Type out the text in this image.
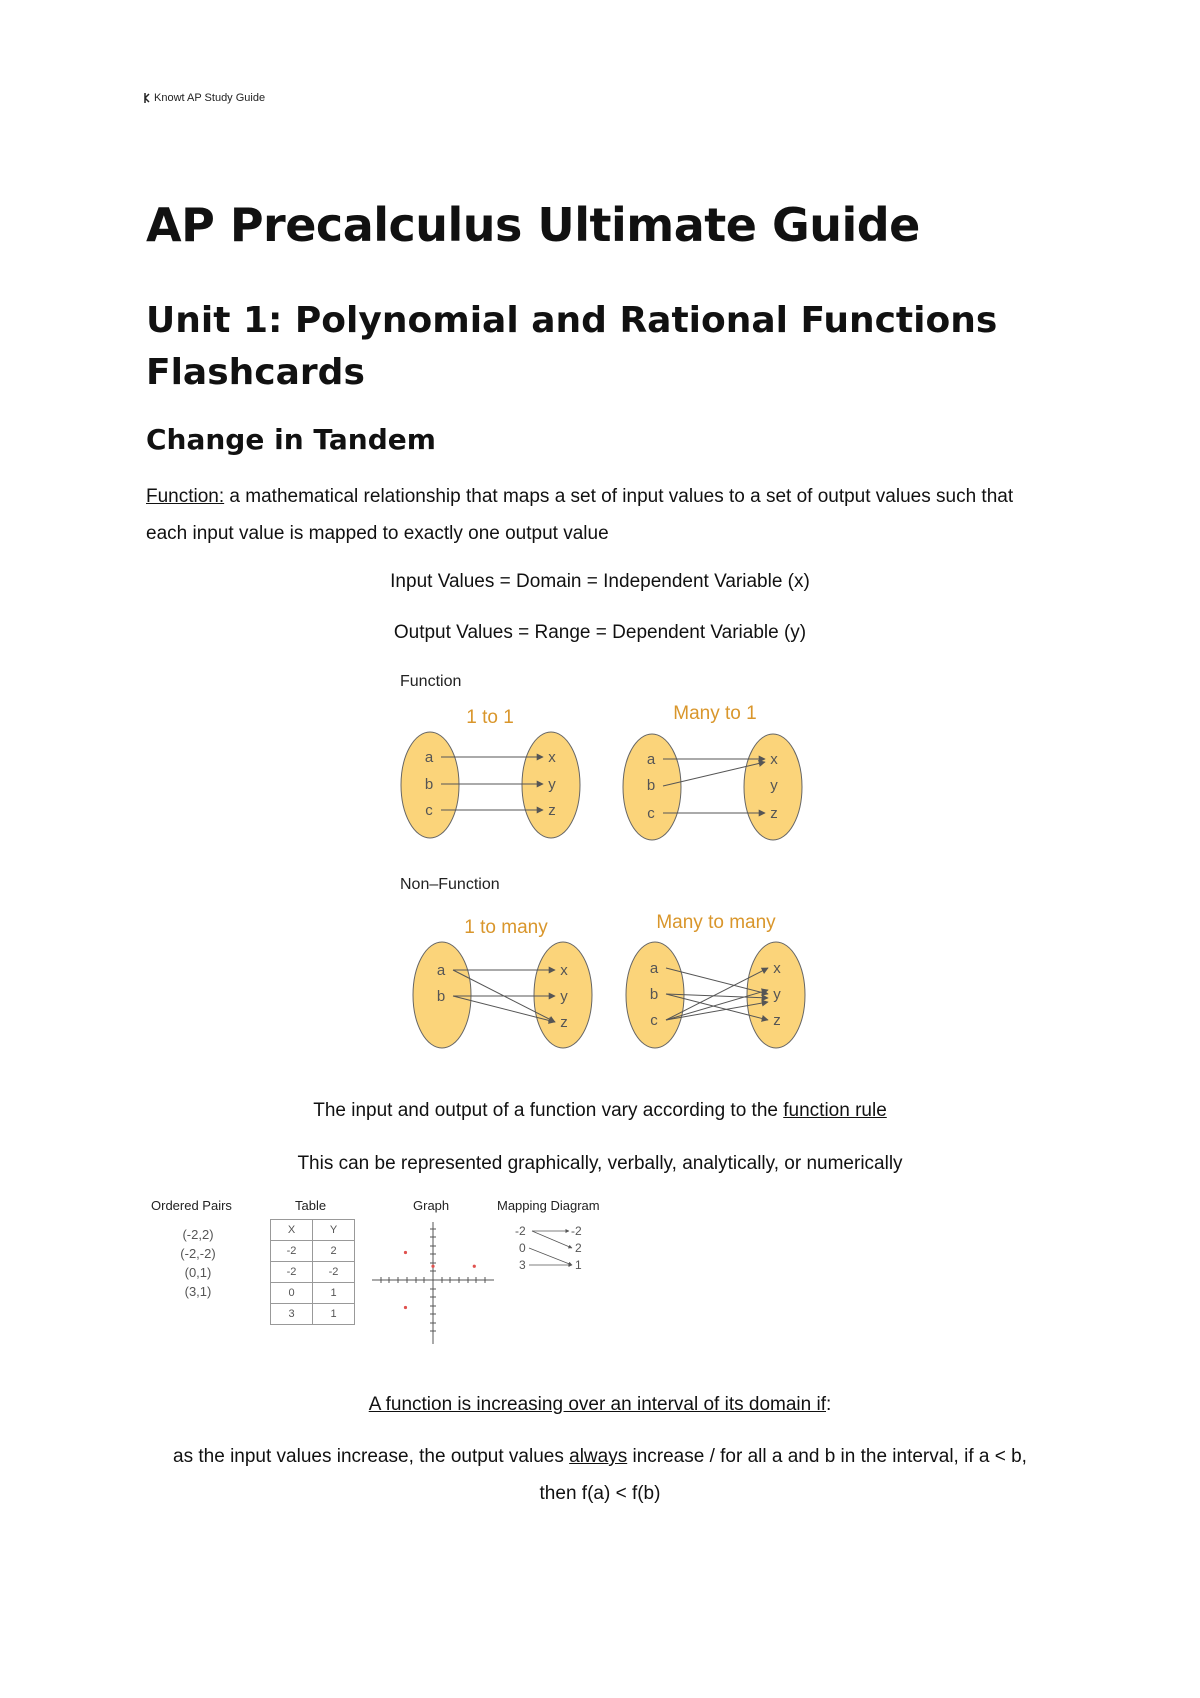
Knowt AP Study Guide
AP Precalculus Ultimate Guide
Unit 1: Polynomial and Rational Functions Flashcards
Change in Tandem
Function: a mathematical relationship that maps a set of input values to a set of output values such that each input value is mapped to exactly one output value
Input Values = Domain = Independent Variable (x)
Output Values = Range = Dependent Variable (y)
Function
Non–Function
1 to 1
a
b
c
x
y
z
Many to 1
a
b
c
x
y
z
1 to many
a
b
x
y
z
Many to many
a
b
c
x
y
z
The input and output of a function vary according to the function rule
This can be represented graphically, verbally, analytically, or numerically
Ordered Pairs	Table	Graph	Mapping Diagram
(-2,2)
(-2,-2)
(0,1)
(3,1)
X	Y
-2	2
-2	-2
0	1
3	1
-2
0
3
-2
2
1
A function is increasing over an interval of its domain if:
as the input values increase, the output values always increase / for all a and b in the interval, if a < b,
then f(a) < f(b)
